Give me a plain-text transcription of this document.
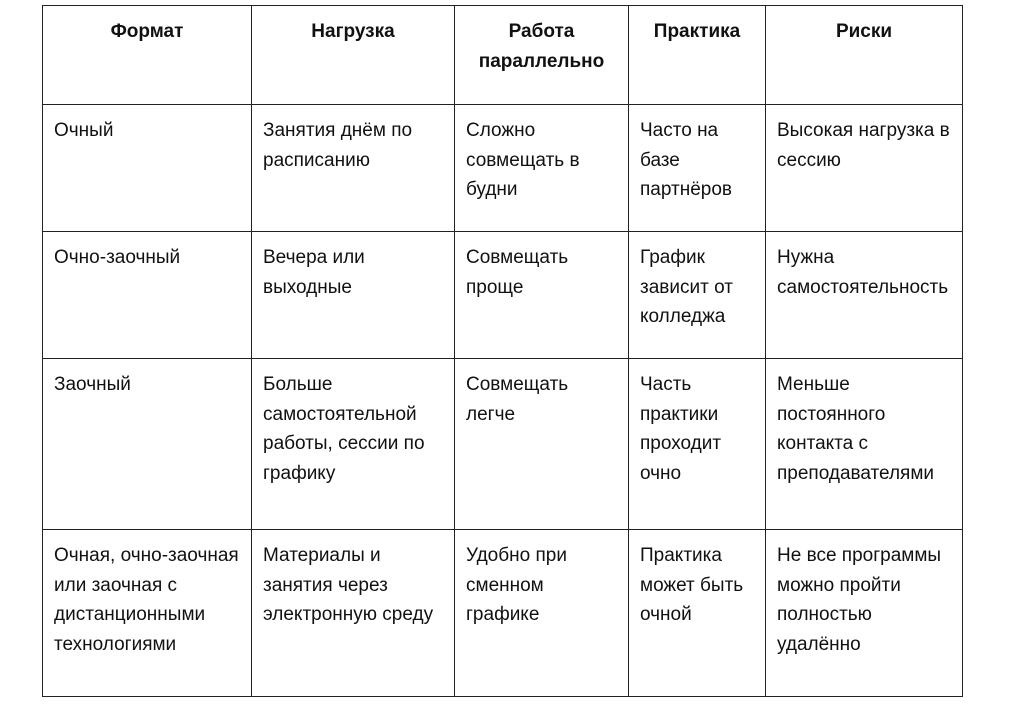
Формат	Нагрузка	Работа параллельно	Практика	Риски
Очный	Занятия днём по расписанию	Сложно совмещать в будни	Часто на базе партнёров	Высокая нагрузка в сессию
Очно-заочный	Вечера или выходные	Совмещать проще	График зависит от колледжа	Нужна самостоятельность
Заочный	Больше самостоятельной работы, сессии по графику	Совмещать легче	Часть практики проходит очно	Меньше постоянного контакта с преподавателями
Очная, очно-заочная или заочная с дистанционными технологиями	Материалы и занятия через электронную среду	Удобно при сменном графике	Практика может быть очной	Не все программы можно пройти полностью удалённо
